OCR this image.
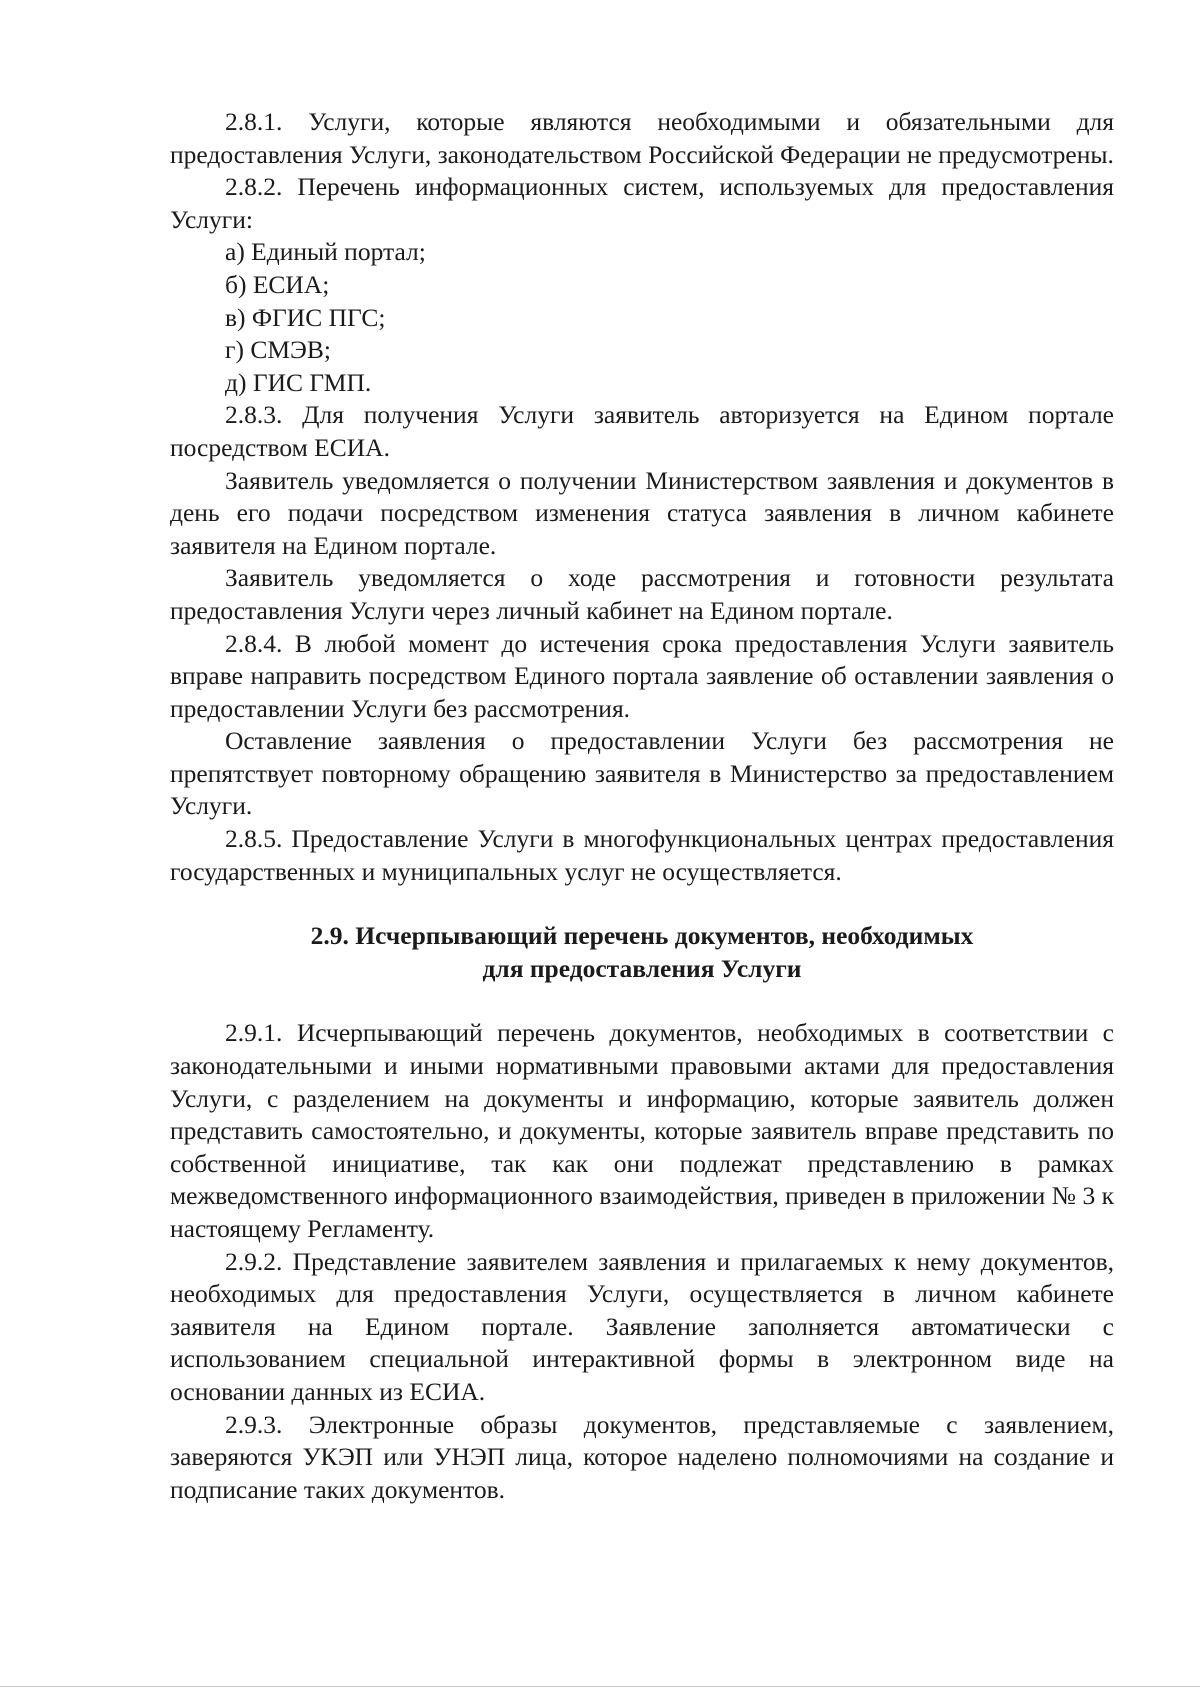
2.8.1. Услуги, которые являются необходимыми и обязательными для предоставления Услуги, законодательством Российской Федерации не предусмотрены.

2.8.2. Перечень информационных систем, используемых для предоставления Услуги:

а) Единый портал;

б) ЕСИА;

в) ФГИС ПГС;

г) СМЭВ;

д) ГИС ГМП.

2.8.3. Для получения Услуги заявитель авторизуется на Едином портале посредством ЕСИА.

Заявитель уведомляется о получении Министерством заявления и документов в день его подачи посредством изменения статуса заявления в личном кабинете заявителя на Едином портале.

Заявитель уведомляется о ходе рассмотрения и готовности результата предоставления Услуги через личный кабинет на Едином портале.

2.8.4. В любой момент до истечения срока предоставления Услуги заявитель вправе направить посредством Единого портала заявление об оставлении заявления о предоставлении Услуги без рассмотрения.

Оставление заявления о предоставлении Услуги без рассмотрения не препятствует повторному обращению заявителя в Министерство за предоставлением Услуги.

2.8.5. Предоставление Услуги в многофункциональных центрах предоставления государственных и муниципальных услуг не осуществляется.

2.9. Исчерпывающий перечень документов, необходимых

для предоставления Услуги

2.9.1. Исчерпывающий перечень документов, необходимых в соответствии с законодательными и иными нормативными правовыми актами для предоставления Услуги, с разделением на документы и информацию, которые заявитель должен представить самостоятельно, и документы, которые заявитель вправе представить по собственной инициативе, так как они подлежат представлению в рамках межведомственного информационного взаимодействия, приведен в приложении № 3 к настоящему Регламенту.

2.9.2. Представление заявителем заявления и прилагаемых к нему документов, необходимых для предоставления Услуги, осуществляется в личном кабинете заявителя на Едином портале. Заявление заполняется автоматически с использованием специальной интерактивной формы в электронном виде на основании данных из ЕСИА.

2.9.3. Электронные образы документов, представляемые с заявлением, заверяются УКЭП или УНЭП лица, которое наделено полномочиями на создание и подписание таких документов.
